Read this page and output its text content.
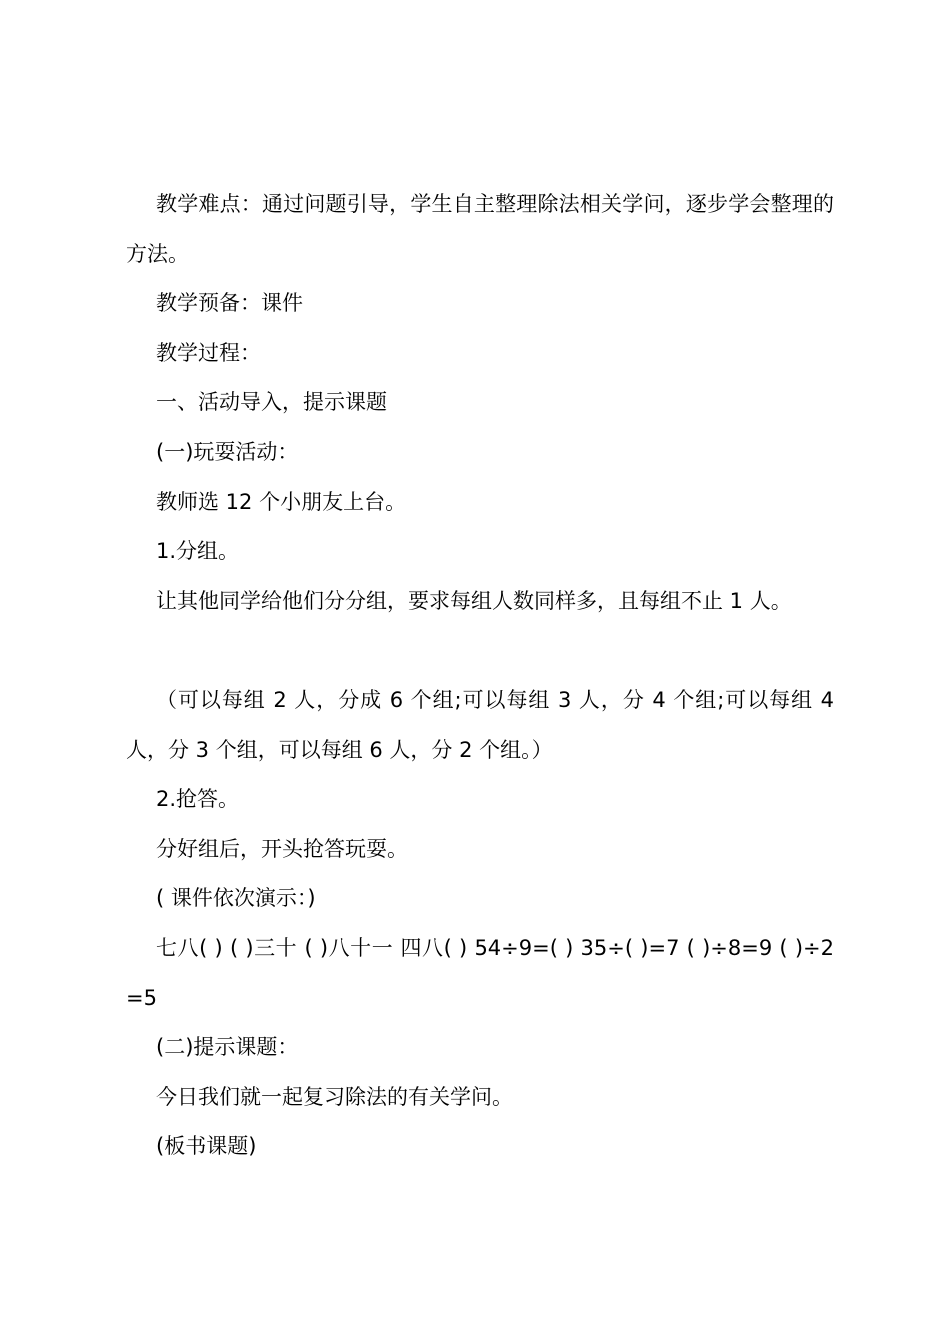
教学难点：通过问题引导，学生自主整理除法相关学问，逐步学会整理的方法。

教学预备：课件

教学过程：

一、活动导入，提示课题

(一)玩耍活动：

教师选 12 个小朋友上台。

1.分组。

让其他同学给他们分分组，要求每组人数同样多，且每组不止 1 人。

（可以每组 2 人，分成 6 个组;可以每组 3 人，分 4 个组;可以每组 4 人，分 3 个组，可以每组 6 人，分 2 个组。）

2.抢答。

分好组后，开头抢答玩耍。

( 课件依次演示：)

七八( ) ( )三十 ( )八十一 四八( ) 54÷9=( ) 35÷( )=7 ( )÷8=9 ( )÷2=5

(二)提示课题：

今日我们就一起复习除法的有关学问。

(板书课题)
